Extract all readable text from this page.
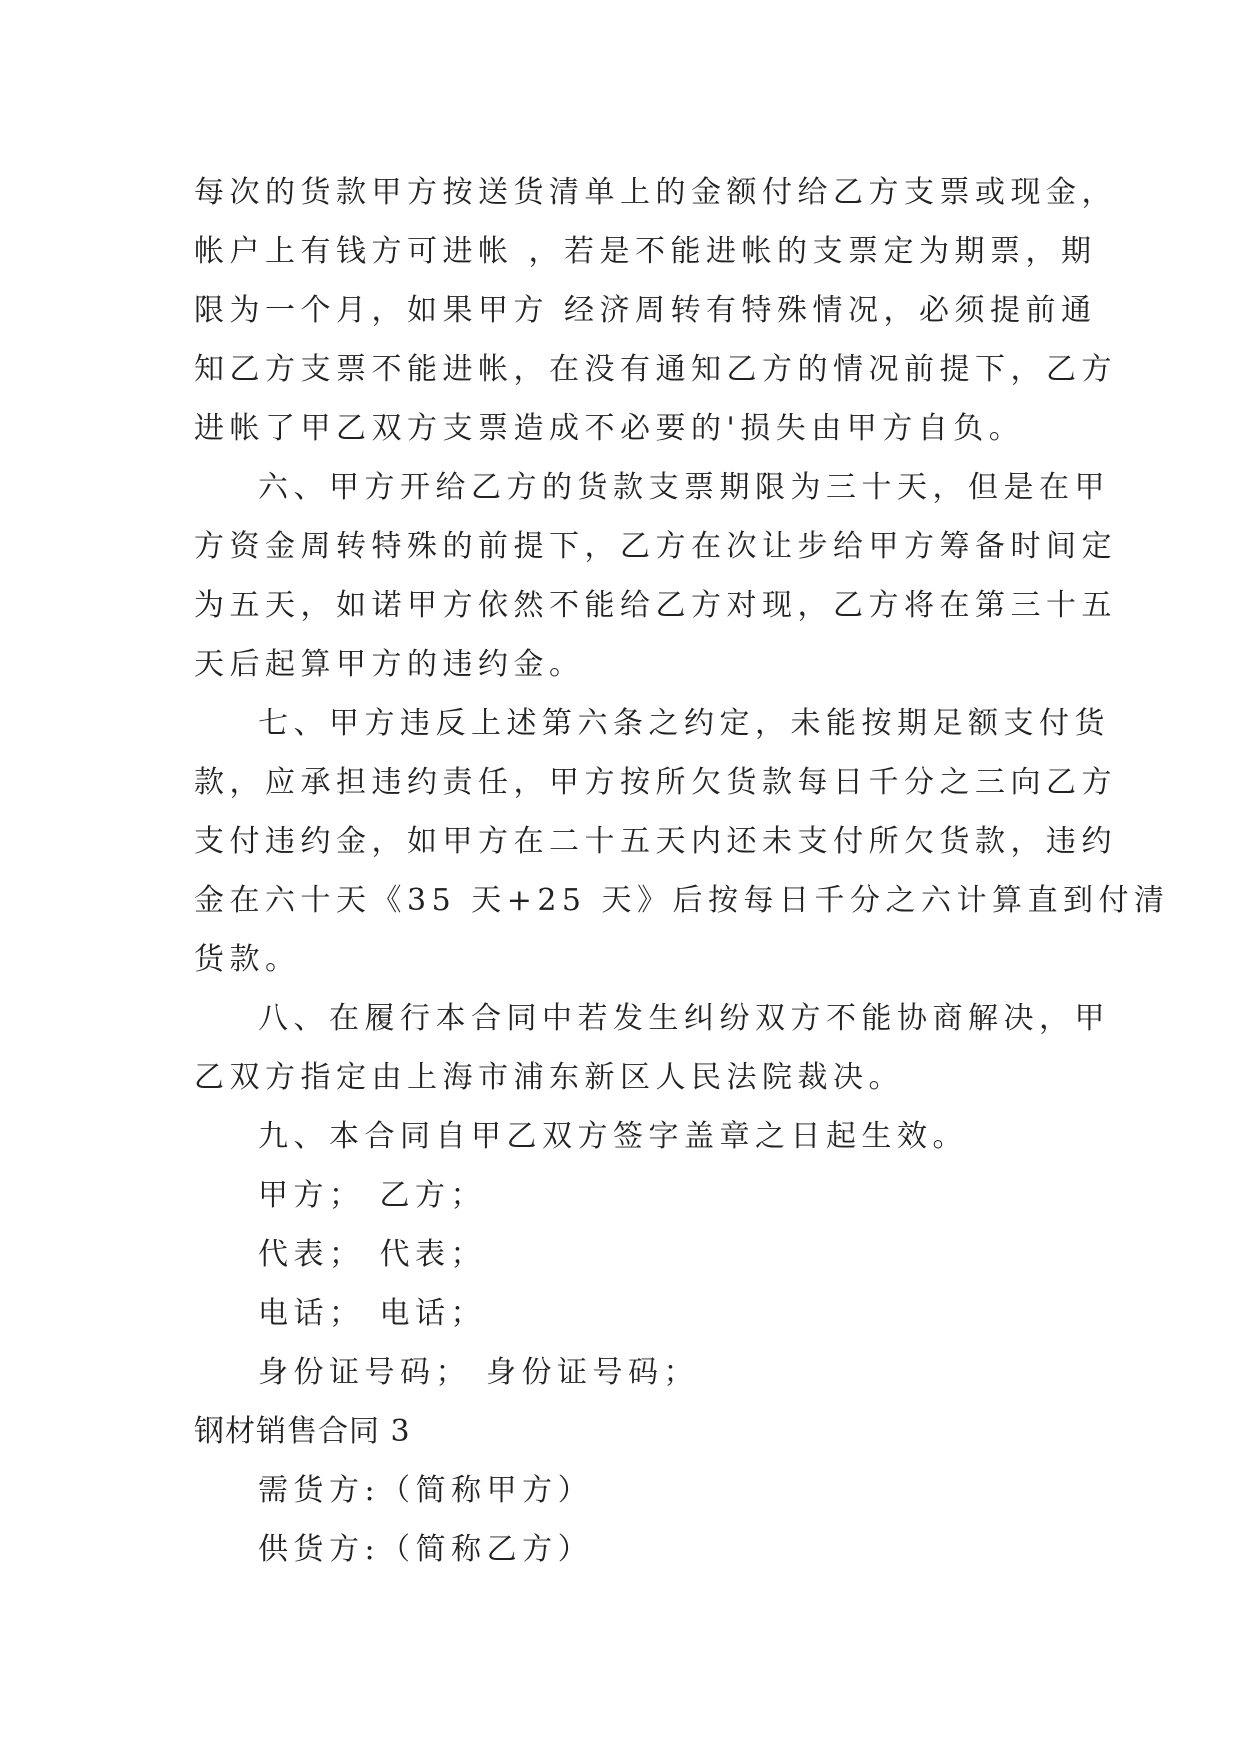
每次的货款甲方按送货清单上的金额付给乙方支票或现金，
帐户上有钱方可进帐 ，若是不能进帐的支票定为期票，期
限为一个月，如果甲方 经济周转有特殊情况，必须提前通
知乙方支票不能进帐，在没有通知乙方的情况前提下，乙方
进帐了甲乙双方支票造成不必要的'损失由甲方自负。
六、甲方开给乙方的货款支票期限为三十天，但是在甲
方资金周转特殊的前提下，乙方在次让步给甲方筹备时间定
为五天，如诺甲方依然不能给乙方对现，乙方将在第三十五
天后起算甲方的违约金。
七、甲方违反上述第六条之约定，未能按期足额支付货
款，应承担违约责任，甲方按所欠货款每日千分之三向乙方
支付违约金，如甲方在二十五天内还未支付所欠货款，违约
金在六十天《35 天+25 天》后按每日千分之六计算直到付清
货款。
八、在履行本合同中若发生纠纷双方不能协商解决，甲
乙双方指定由上海市浦东新区人民法院裁决。
九、本合同自甲乙双方签字盖章之日起生效。
甲方； 乙方；
代表； 代表；
电话； 电话；
身份证号码； 身份证号码；
钢材销售合同 3
需货方:（简称甲方）
供货方:（简称乙方）
